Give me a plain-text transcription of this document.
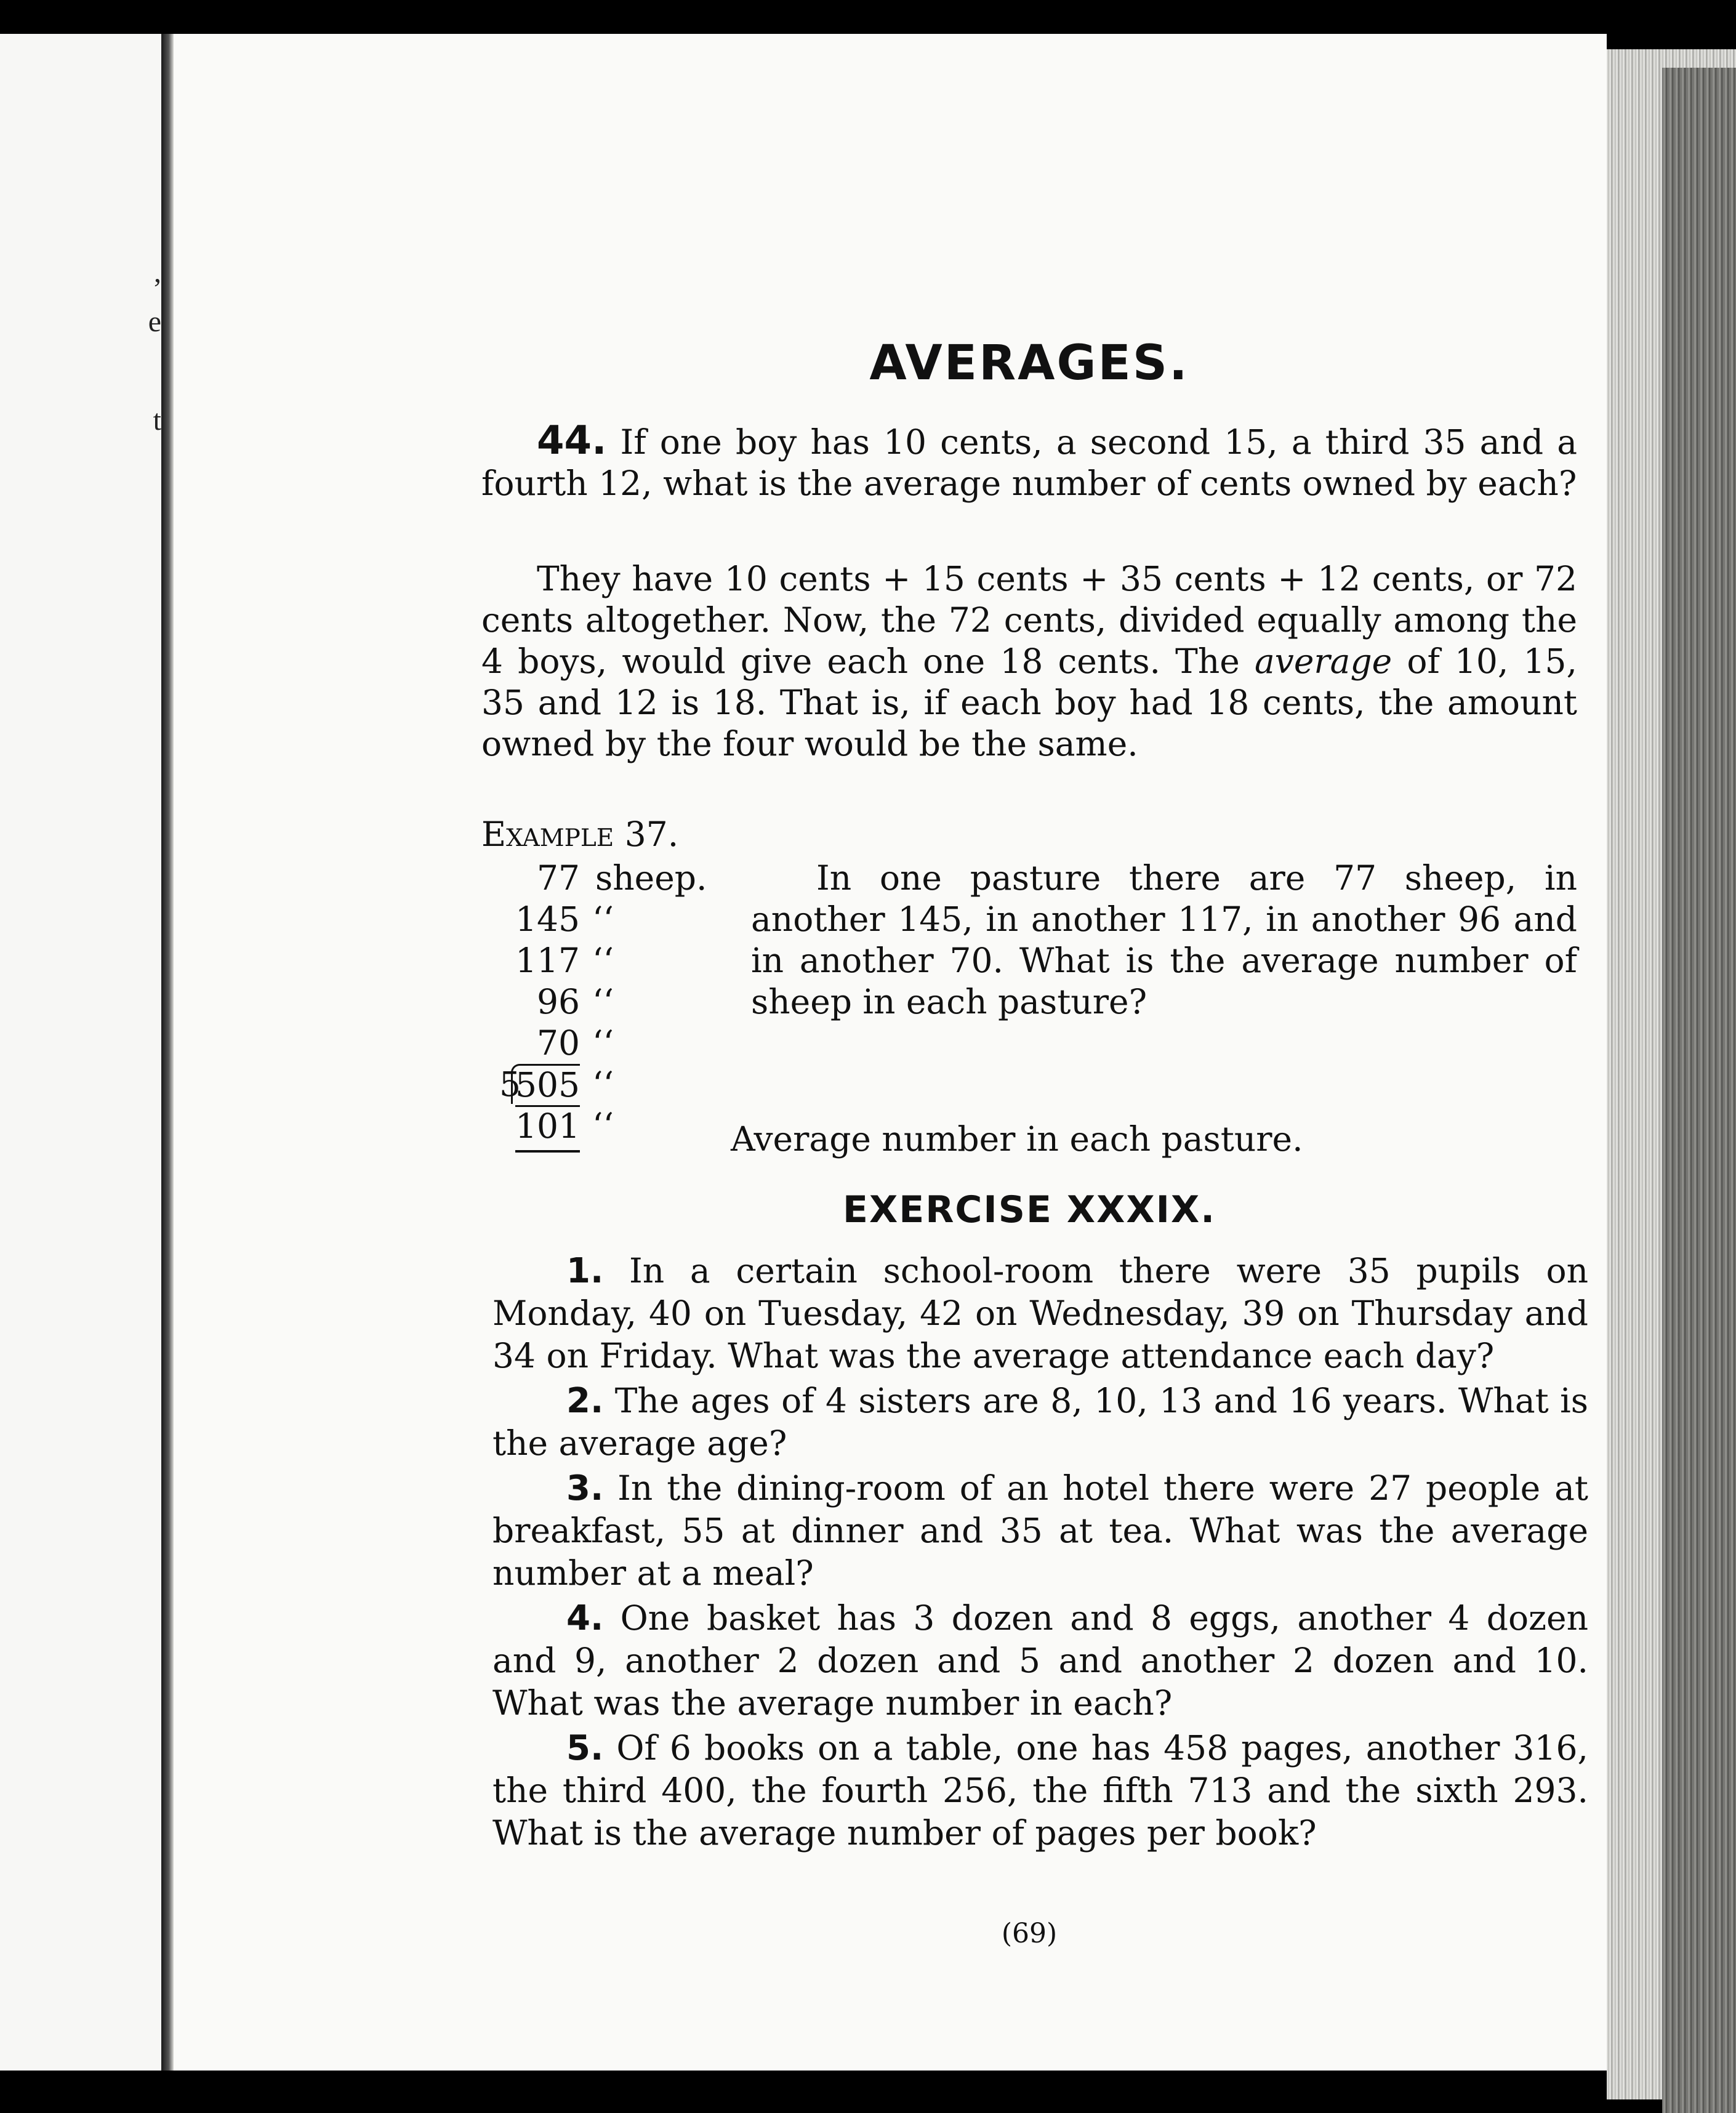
,
e
t
AVERAGES.

44. If one boy has 10 cents, a second 15, a third 35 and a fourth 12, what is the average number of cents owned by each?

They have 10 cents + 15 cents + 35 cents + 12 cents, or 72 cents altogether. Now, the 72 cents, divided equally among the 4 boys, would give each one 18 cents. The average of 10, 15, 35 and 12 is 18. That is, if each boy had 18 cents, the amount owned by the four would be the same.

Example 37.

77 sheep.
145 ‘‘
117 ‘‘
96 ‘‘
70 ‘‘
5
505 ‘‘
101 ‘‘

In one pasture there are 77 sheep, in another 145, in another 117, in another 96 and in another 70. What is the average number of sheep in each pasture?

Average number in each pasture.

EXERCISE XXXIX.
1. In a certain school-room there were 35 pupils on Monday, 40 on Tuesday, 42 on Wednesday, 39 on Thursday and 34 on Friday. What was the average attendance each day?
2. The ages of 4 sisters are 8, 10, 13 and 16 years. What is the average age?
3. In the dining-room of an hotel there were 27 people at breakfast, 55 at dinner and 35 at tea. What was the average number at a meal?
4. One basket has 3 dozen and 8 eggs, another 4 dozen and 9, another 2 dozen and 5 and another 2 dozen and 10. What was the average number in each?
5. Of 6 books on a table, one has 458 pages, another 316, the third 400, the fourth 256, the fifth 713 and the sixth 293. What is the average number of pages per book?

(69)
